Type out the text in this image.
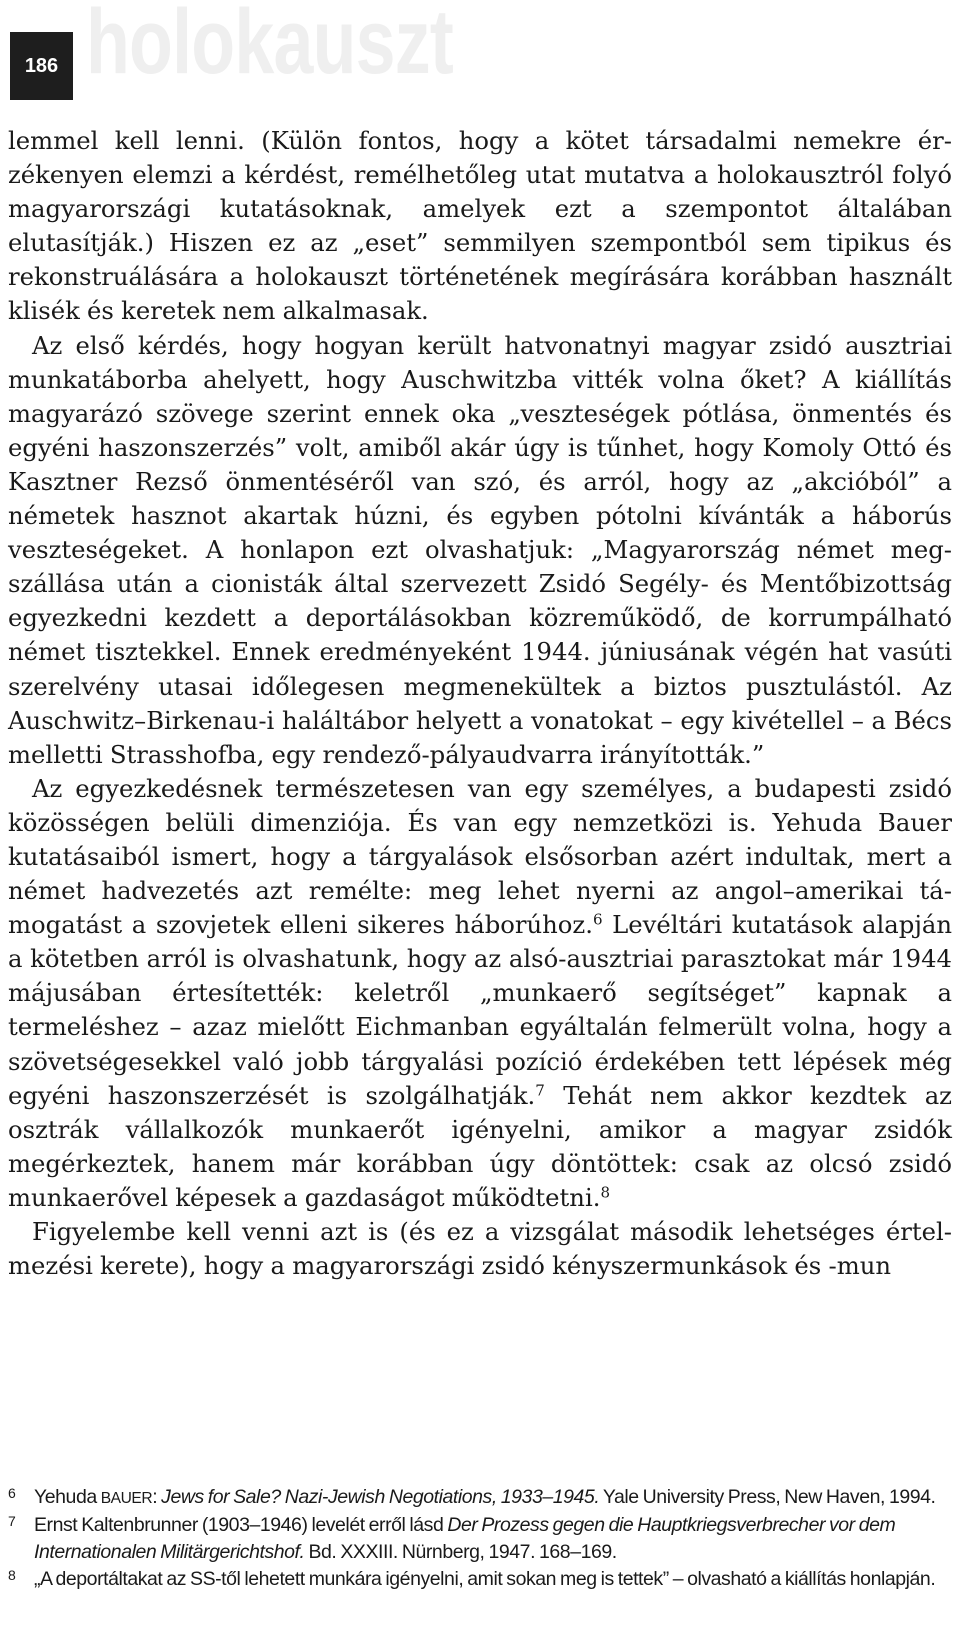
186 holokauszt

lemmel kell lenni. (Külön fontos, hogy a kötet társadalmi nemekre érzékenyen elemzi a kérdést, remélhetőleg utat mutatva a holokausztról folyó magyarországi kutatásoknak, amelyek ezt a szempontot általában elutasítják.) Hiszen ez az „eset” semmilyen szempontból sem tipikus és rekonstruálására a holokauszt történetének megírására korábban használt klisék és keretek nem alkalmasak.

Az első kérdés, hogy hogyan került hatvonatnyi magyar zsidó ausztriai munkatáborba ahelyett, hogy Auschwitzba vitték volna őket? A kiállítás magyarázó szövege szerint ennek oka „veszteségek pótlása, önmentés és egyéni haszonszerzés” volt, amiből akár úgy is tűnhet, hogy Komoly Ottó és Kasztner Rezső önmentéséről van szó, és arról, hogy az „akcióból” a németek hasznot akartak húzni, és egyben pótolni kívánták a háborús veszteségeket. A honlapon ezt olvashatjuk: „Magyarország német megszállása után a cionisták által szervezett Zsidó Segély- és Mentőbizottság egyezkedni kezdett a deportálásokban közreműködő, de korrumpálható német tisztekkel. Ennek eredményeként 1944. júniusának végén hat vasúti szerelvény utasai időlegesen megmenekültek a biztos pusztulástól. Az Auschwitz–Birkenau-i haláltábor helyett a vonatokat – egy kivétellel – a Bécs melletti Strasshofba, egy rendező-pályaudvarra irányították.”

Az egyezkedésnek természetesen van egy személyes, a budapesti zsidó közösségen belüli dimenziója. És van egy nemzetközi is. Yehuda Bauer kutatásaiból ismert, hogy a tárgyalások elsősorban azért indultak, mert a német hadvezetés azt remélte: meg lehet nyerni az angol–amerikai támogatást a szovjetek elleni sikeres háborúhoz.$^6$ Levéltári kutatások alapján a kötetben arról is olvashatunk, hogy az alsó-ausztriai parasztokat már 1944 májusában értesítették: keletről „munkaerő segítséget” kapnak a termeléshez – azaz mielőtt Eichmanban egyáltalán felmerült volna, hogy a szövetségesekkel való jobb tárgyalási pozíció érdekében tett lépések még egyéni haszonszerzését is szolgálhatják.$^7$ Tehát nem akkor kezdtek az osztrák vállalkozók munkaerőt igényelni, amikor a magyar zsidók megérkeztek, hanem már korábban úgy döntöttek: csak az olcsó zsidó munkaerővel képesek a gazdaságot működtetni.$^8$

Figyelembe kell venni azt is (és ez a vizsgálat második lehetséges értelmezési kerete), hogy a magyarországi zsidó kényszermunkások és -mun

6 Yehuda BAUER: Jews for Sale? Nazi-Jewish Negotiations, 1933–1945. Yale University Press, New Haven, 1994.
7 Ernst Kaltenbrunner (1903–1946) levelét erről lásd Der Prozess gegen die Hauptkriegsverbrecher vor dem Internationalen Militärgerichtshof. Bd. XXXIII. Nürnberg, 1947. 168–169.
8 „A deportáltakat az SS-től lehetett munkára igényelni, amit sokan meg is tettek” – olvasható a kiállítás honlapján.
